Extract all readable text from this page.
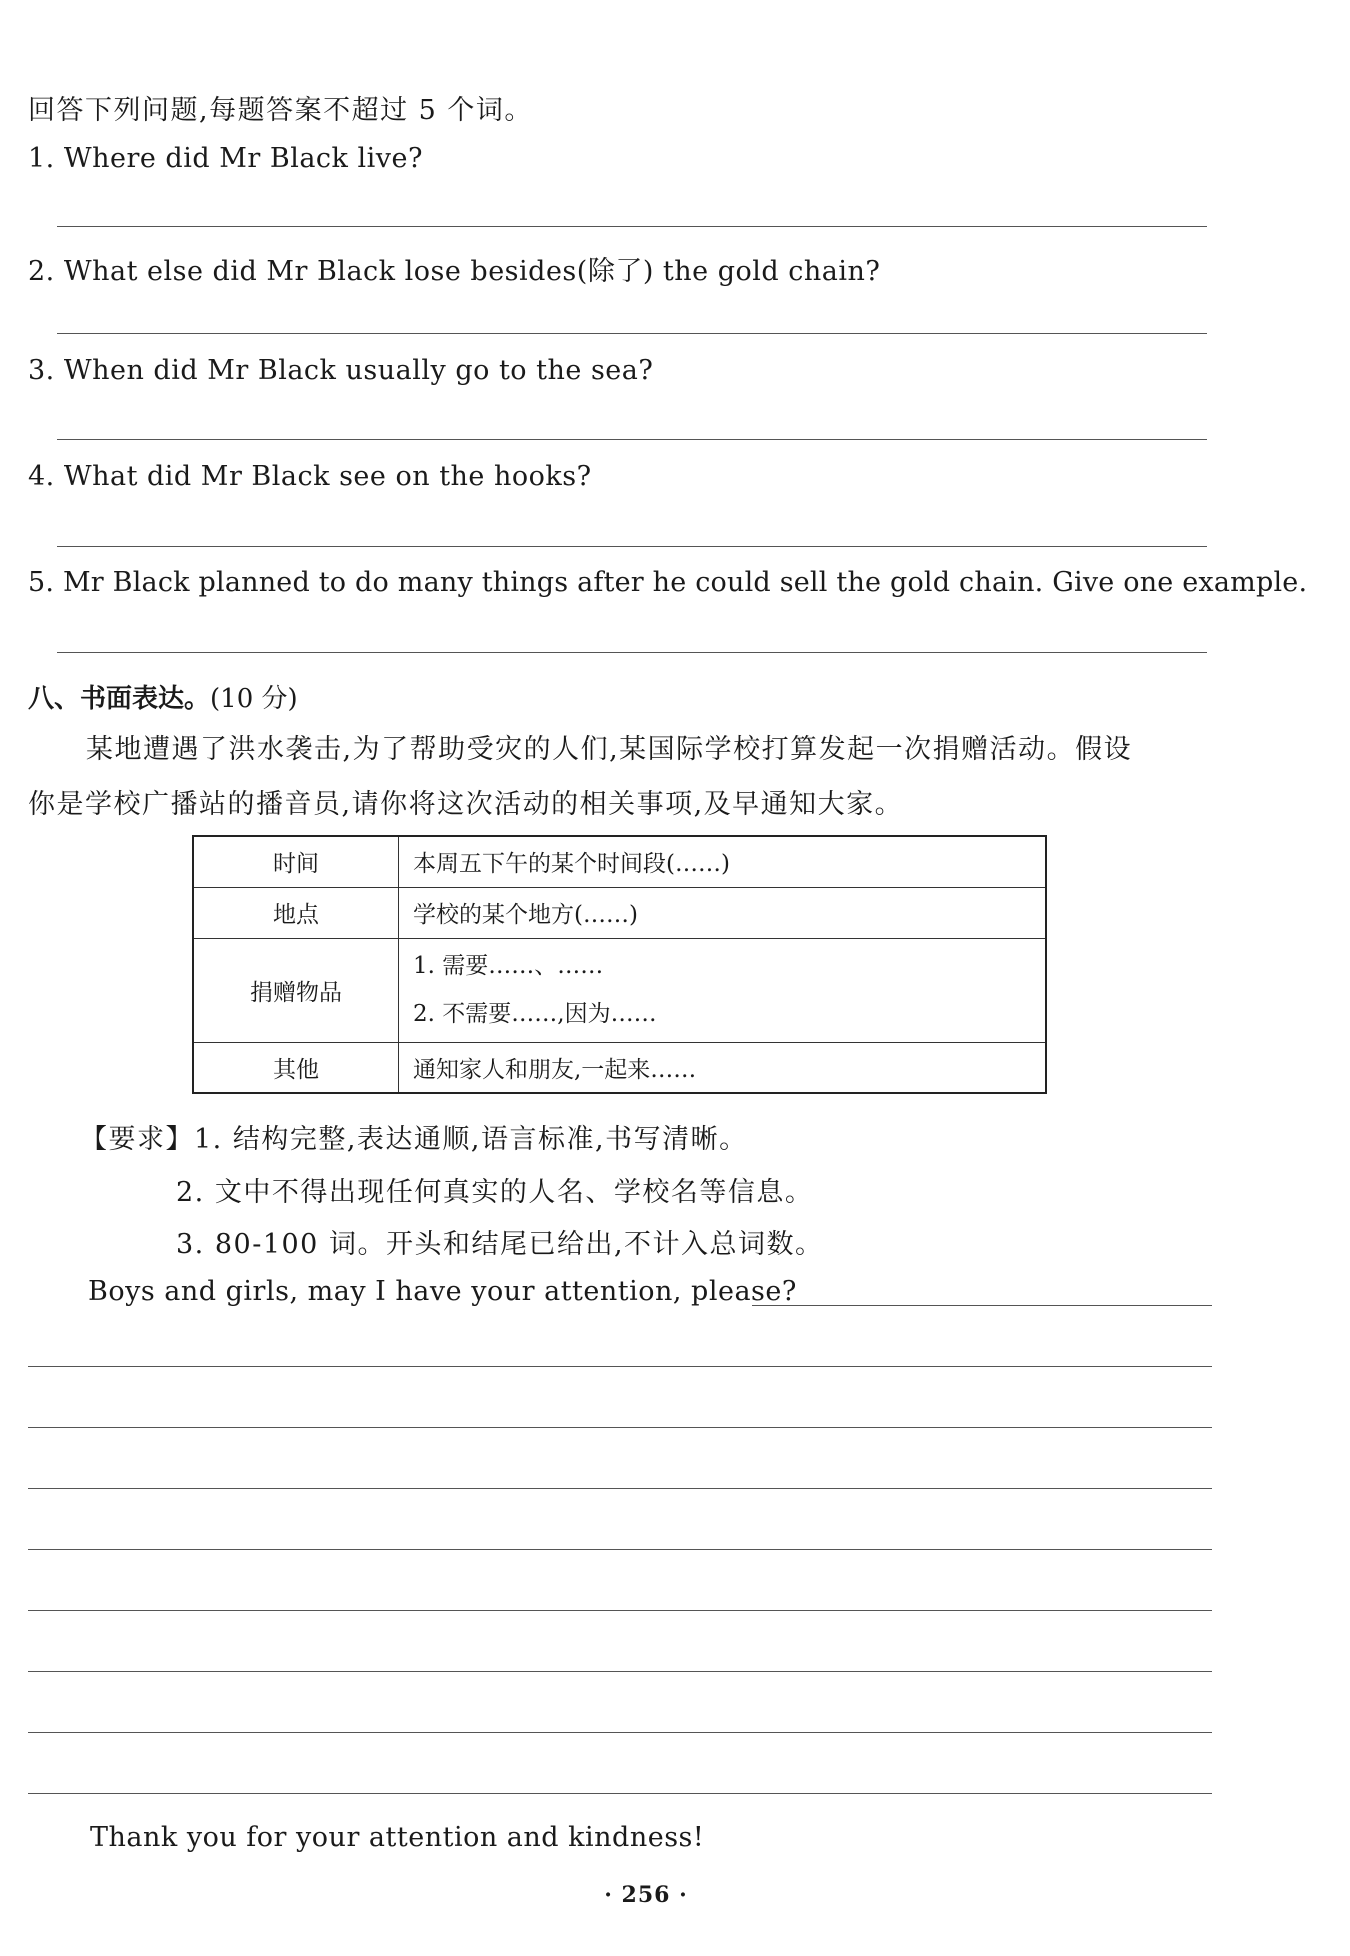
回答下列问题,每题答案不超过 5 个词。
1. Where did Mr Black live?
2. What else did Mr Black lose besides(除了) the gold chain?
3. When did Mr Black usually go to the sea?
4. What did Mr Black see on the hooks?
5. Mr Black planned to do many things after he could sell the gold chain. Give one example.
八、书面表达。(10 分)
某地遭遇了洪水袭击,为了帮助受灾的人们,某国际学校打算发起一次捐赠活动。假设
你是学校广播站的播音员,请你将这次活动的相关事项,及早通知大家。
时间	本周五下午的某个时间段(……)
地点	学校的某个地方(……)
捐赠物品	1. 需要……、……
2. 不需要……,因为……

其他	通知家人和朋友,一起来……
【要求】1. 结构完整,表达通顺,语言标准,书写清晰。
2. 文中不得出现任何真实的人名、学校名等信息。
3. 80-100 词。开头和结尾已给出,不计入总词数。
Boys and girls, may I have your attention, please?
Thank you for your attention and kindness!
· 256 ·
